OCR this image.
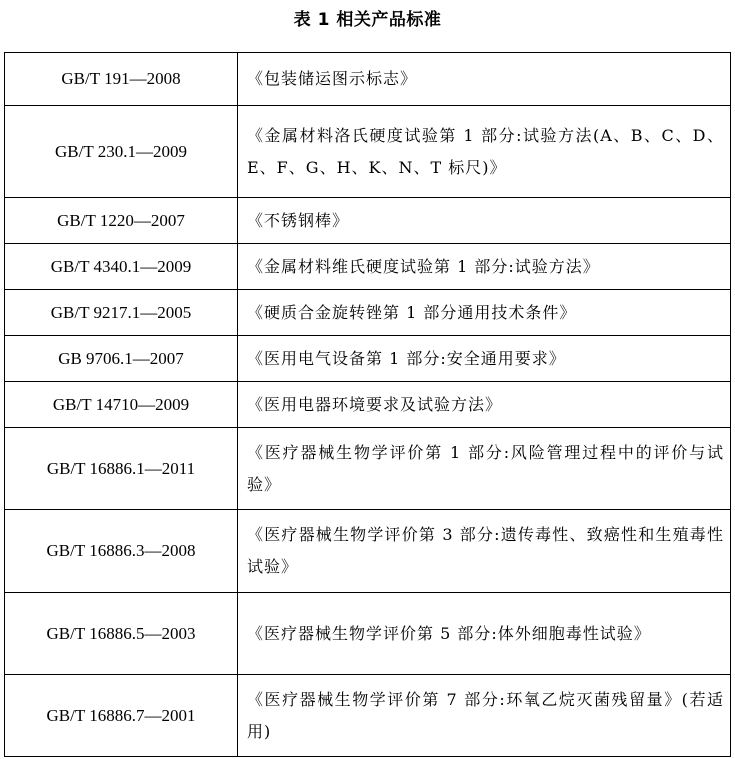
表 1 相关产品标准
GB/T 191—2008	《包装储运图示标志》
GB/T 230.1—2009	《金属材料洛氏硬度试验第 1 部分:试验方法(A、B、C、D、E、F、G、H、K、N、T 标尺)》
GB/T 1220—2007	《不锈钢棒》
GB/T 4340.1—2009	《金属材料维氏硬度试验第 1 部分:试验方法》
GB/T 9217.1—2005	《硬质合金旋转锉第 1 部分通用技术条件》
GB 9706.1—2007	《医用电气设备第 1 部分:安全通用要求》
GB/T 14710—2009	《医用电器环境要求及试验方法》
GB/T 16886.1—2011	《医疗器械生物学评价第 1 部分:风险管理过程中的评价与试验》
GB/T 16886.3—2008	《医疗器械生物学评价第 3 部分:遗传毒性、致癌性和生殖毒性试验》
GB/T 16886.5—2003	《医疗器械生物学评价第 5 部分:体外细胞毒性试验》
GB/T 16886.7—2001	《医疗器械生物学评价第 7 部分:环氧乙烷灭菌残留量》(若适用)
